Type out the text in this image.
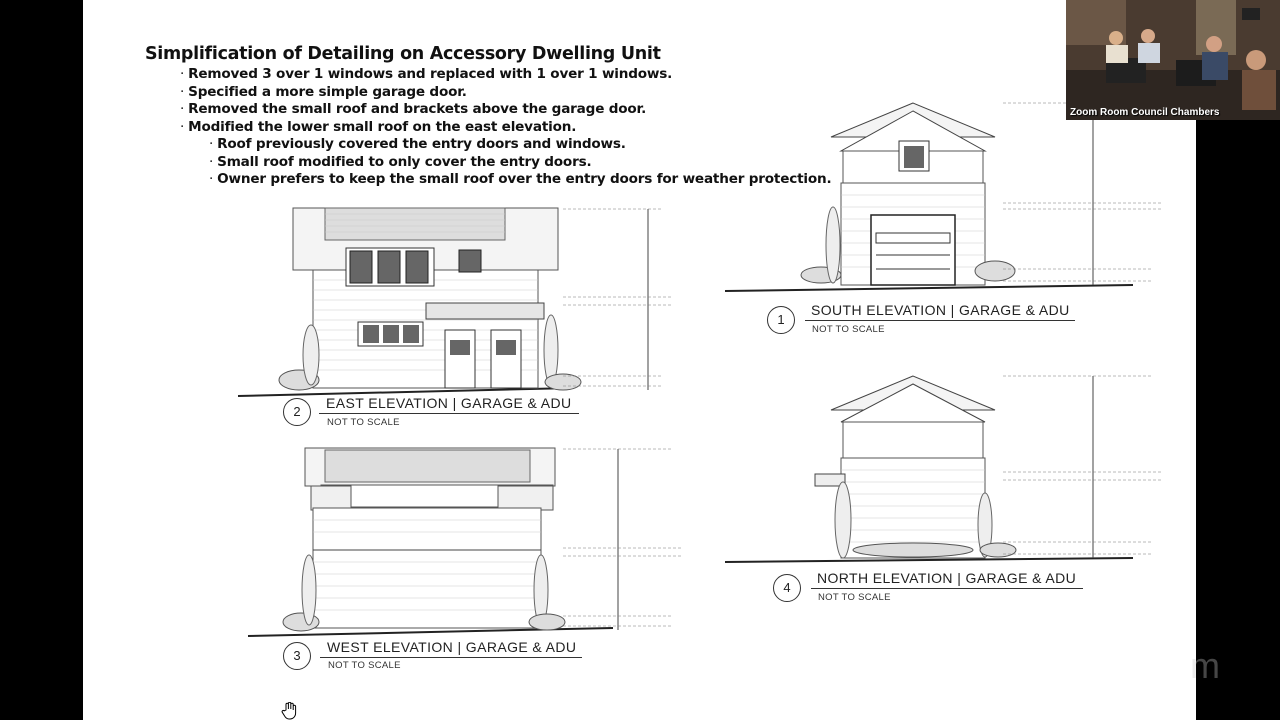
Simplification of Detailing on Accessory Dwelling Unit
· Removed 3 over 1 windows and replaced with 1 over 1 windows.
· Specified a more simple garage door.
· Removed the small roof and brackets above the garage door.
· Modified the lower small roof on the east elevation.
· Roof previously covered the entry doors and windows.
· Small roof modified to only cover the entry doors.
· Owner prefers to keep the small roof over the entry doors for weather protection.
1
SOUTH ELEVATION | GARAGE & ADU
NOT TO SCALE
2
EAST ELEVATION | GARAGE & ADU
NOT TO SCALE
3
WEST ELEVATION | GARAGE & ADU
NOT TO SCALE
4
NORTH ELEVATION | GARAGE & ADU
NOT TO SCALE
Zoom Room Council Chambers
m
